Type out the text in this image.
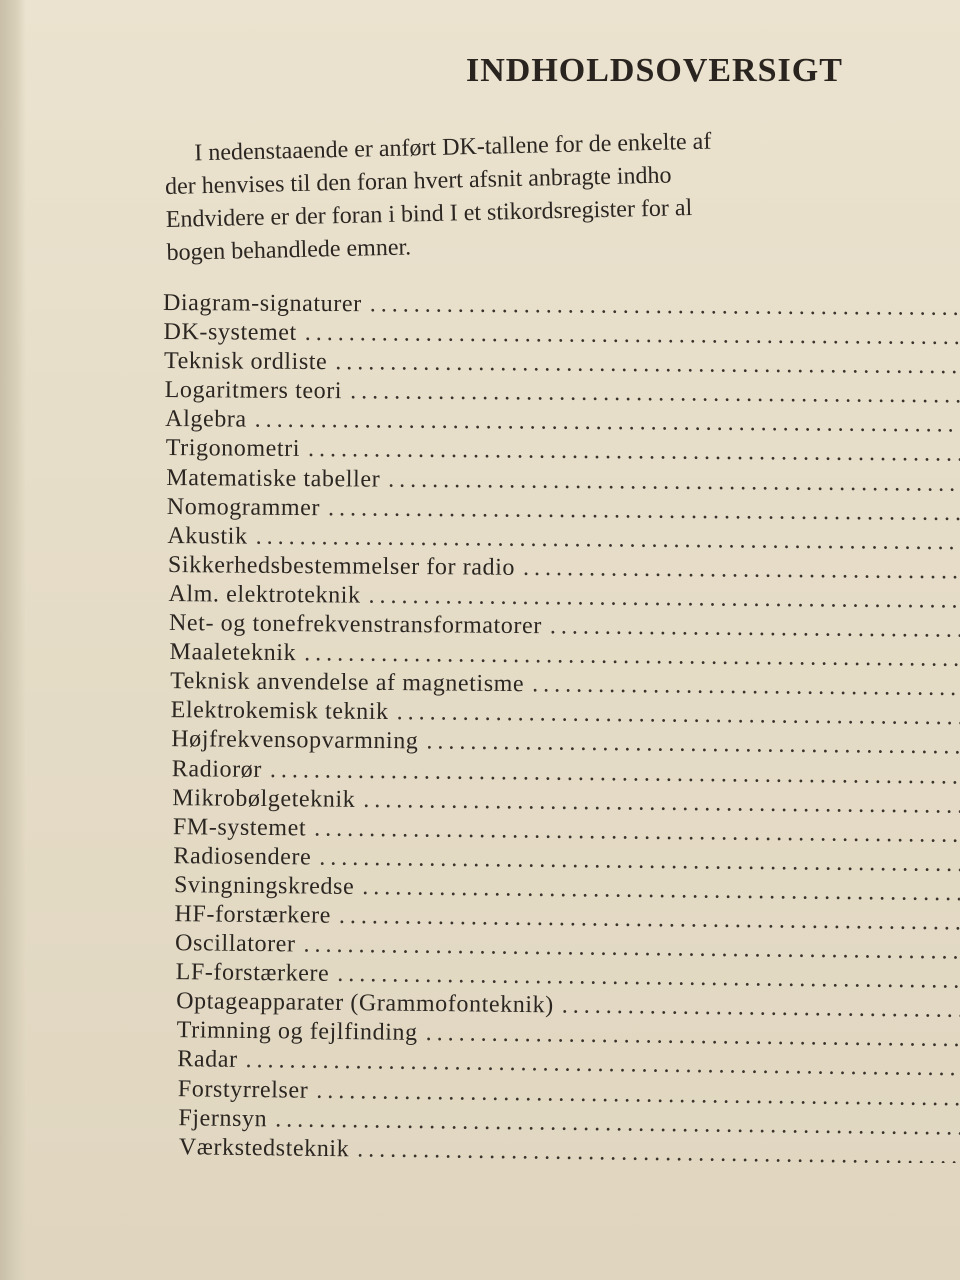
INDHOLDSOVERSIGT
I nedenstaaende er anført DK-tallene for de enkelte af
der henvises til den foran hvert afsnit anbragte indho
Endvidere er der foran i bind I et stikordsregister for al
bogen behandlede emner.
Diagram-signaturer
.....
DK-systemet
.....
Teknisk ordliste
.....
Logaritmers teori
.....
Algebra
.....
Trigonometri
.....
Matematiske tabeller
.....
Nomogrammer
.....
Akustik
.....
Sikkerhedsbestemmelser for radio
.....
Alm. elektroteknik
.....
Net- og tonefrekvenstransformatorer
.....
Maaleteknik
.....
Teknisk anvendelse af magnetisme
.....
Elektrokemisk teknik
.....
Højfrekvensopvarmning
.....
Radiorør
.....
Mikrobølgeteknik
.....
FM-systemet
.....
Radiosendere
.....
Svingningskredse
.....
HF-forstærkere
.....
Oscillatorer
.....
LF-forstærkere
.....
Optageapparater (Grammofonteknik)
.....
Trimning og fejlfinding
.....
Radar
.....
Forstyrrelser
.....
Fjernsyn
.....
Værkstedsteknik
.....
